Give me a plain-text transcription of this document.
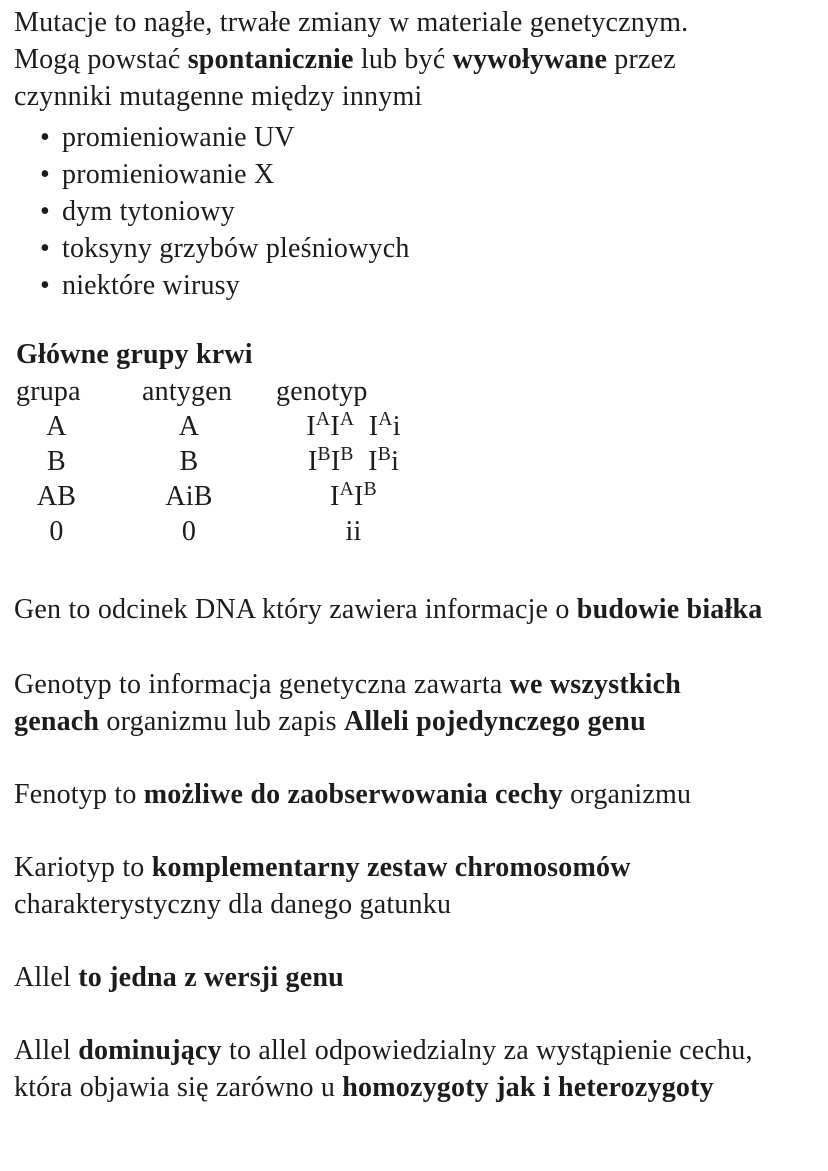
Mutacje to nagłe, trwałe zmiany w materiale genetycznym.
Mogą powstać spontanicznie lub być wywoływane przez
czynniki mutagenne między innymi
• promieniowanie UV
• promieniowanie X
• dym tytoniowy
• toksyny grzybów pleśniowych
• niektóre wirusy
Główne grupy krwi
grupa	antygen	genotyp
A	A	$I^AI^A$  $I^Ai$
B	B	$I^BI^B$  $I^Bi$
AB	AiB	$I^AI^B$
0	0	ii
Gen to odcinek DNA który zawiera informacje o budowie białka
Genotyp to informacja genetyczna zawarta we wszystkich
genach organizmu lub zapis Alleli pojedynczego genu
Fenotyp to możliwe do zaobserwowania cechy organizmu
Kariotyp to komplementarny zestaw chromosomów
charakterystyczny dla danego gatunku
Allel to jedna z wersji genu
Allel dominujący to allel odpowiedzialny za wystąpienie cechu,
która objawia się zarówno u homozygoty jak i heterozygoty
